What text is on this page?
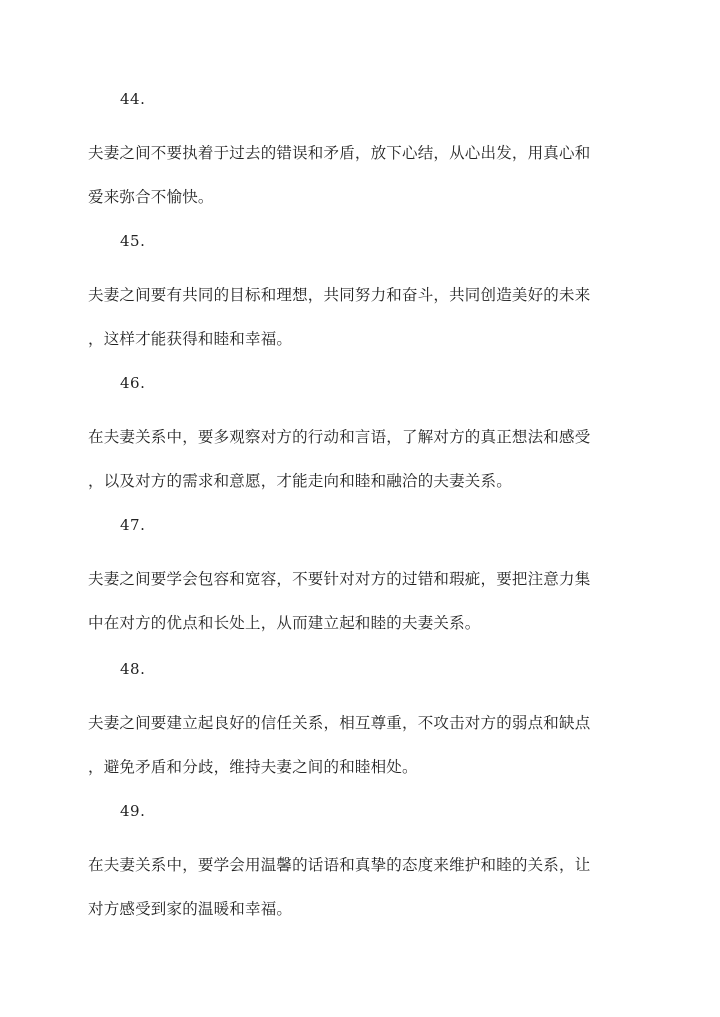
44.
夫妻之间不要执着于过去的错误和矛盾，放下心结，从心出发，用真心和
爱来弥合不愉快。
45.
夫妻之间要有共同的目标和理想，共同努力和奋斗，共同创造美好的未来
，这样才能获得和睦和幸福。
46.
在夫妻关系中，要多观察对方的行动和言语，了解对方的真正想法和感受
，以及对方的需求和意愿，才能走向和睦和融洽的夫妻关系。
47.
夫妻之间要学会包容和宽容，不要针对对方的过错和瑕疵，要把注意力集
中在对方的优点和长处上，从而建立起和睦的夫妻关系。
48.
夫妻之间要建立起良好的信任关系，相互尊重，不攻击对方的弱点和缺点
，避免矛盾和分歧，维持夫妻之间的和睦相处。
49.
在夫妻关系中，要学会用温馨的话语和真挚的态度来维护和睦的关系，让
对方感受到家的温暖和幸福。
